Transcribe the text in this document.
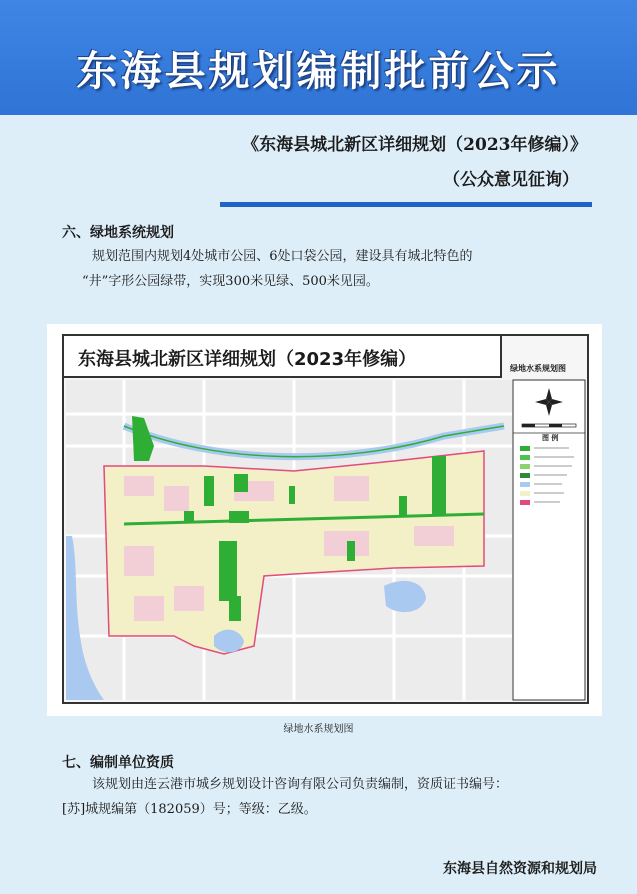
东海县规划编制批前公示
《东海县城北新区详细规划（2023年修编）》
（公众意见征询）
六、绿地系统规划
规划范围内规划4处城市公园、6处口袋公园，建设具有城北特色的
“井”字形公园绿带，实现300米见绿、500米见园。
东海县城北新区详细规划（2023年修编）	绿地水系规划图
图 例
绿地水系规划图
七、编制单位资质
该规划由连云港市城乡规划设计咨询有限公司负责编制，资质证书编号：
[苏]城规编第（182059）号；等级：乙级。
东海县自然资源和规划局
